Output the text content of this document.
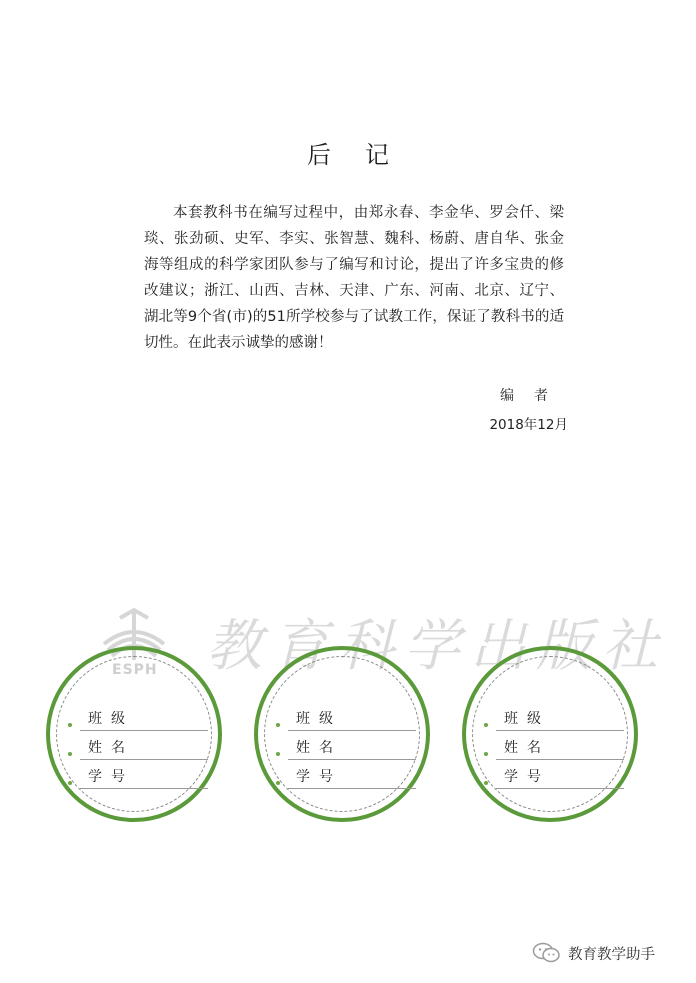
后记

本套教科书在编写过程中，由郑永春、李金华、罗会仟、梁琰、张劲硕、史军、李实、张智慧、魏科、杨蔚、唐自华、张金海等组成的科学家团队参与了编写和讨论，提出了许多宝贵的修改建议；浙江、山西、吉林、天津、广东、河南、北京、辽宁、湖北等9个省(市)的51所学校参与了试教工作，保证了教科书的适切性。在此表示诚挚的感谢！

编者
2018年12月
ESPH 教育科学出版社
班级
姓名
学号
班级
姓名
学号
班级
姓名
学号
教育教学助手
